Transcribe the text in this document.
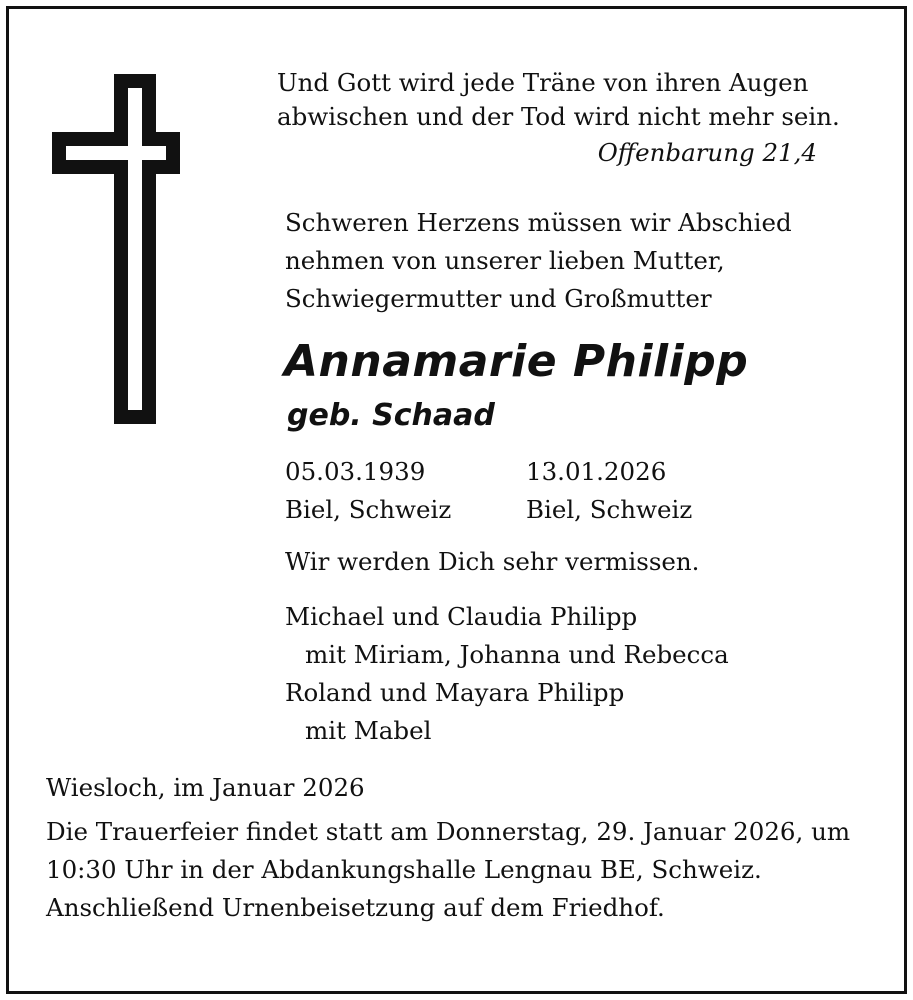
Und Gott wird jede Träne von ihren Augen
abwischen und der Tod wird nicht mehr sein.
Offenbarung 21,4
Schweren Herzens müssen wir Abschied
nehmen von unserer lieben Mutter,
Schwiegermutter und Großmutter
Annamarie Philipp
geb. Schaad
05.03.1939
Biel, Schweiz
13.01.2026
Biel, Schweiz
Wir werden Dich sehr vermissen.
Michael und Claudia Philipp
mit Miriam, Johanna und Rebecca
Roland und Mayara Philipp
mit Mabel
Wiesloch, im Januar 2026
Die Trauerfeier findet statt am Donnerstag, 29. Januar 2026, um
10:30 Uhr in der Abdankungshalle Lengnau BE, Schweiz.
Anschließend Urnenbeisetzung auf dem Friedhof.
